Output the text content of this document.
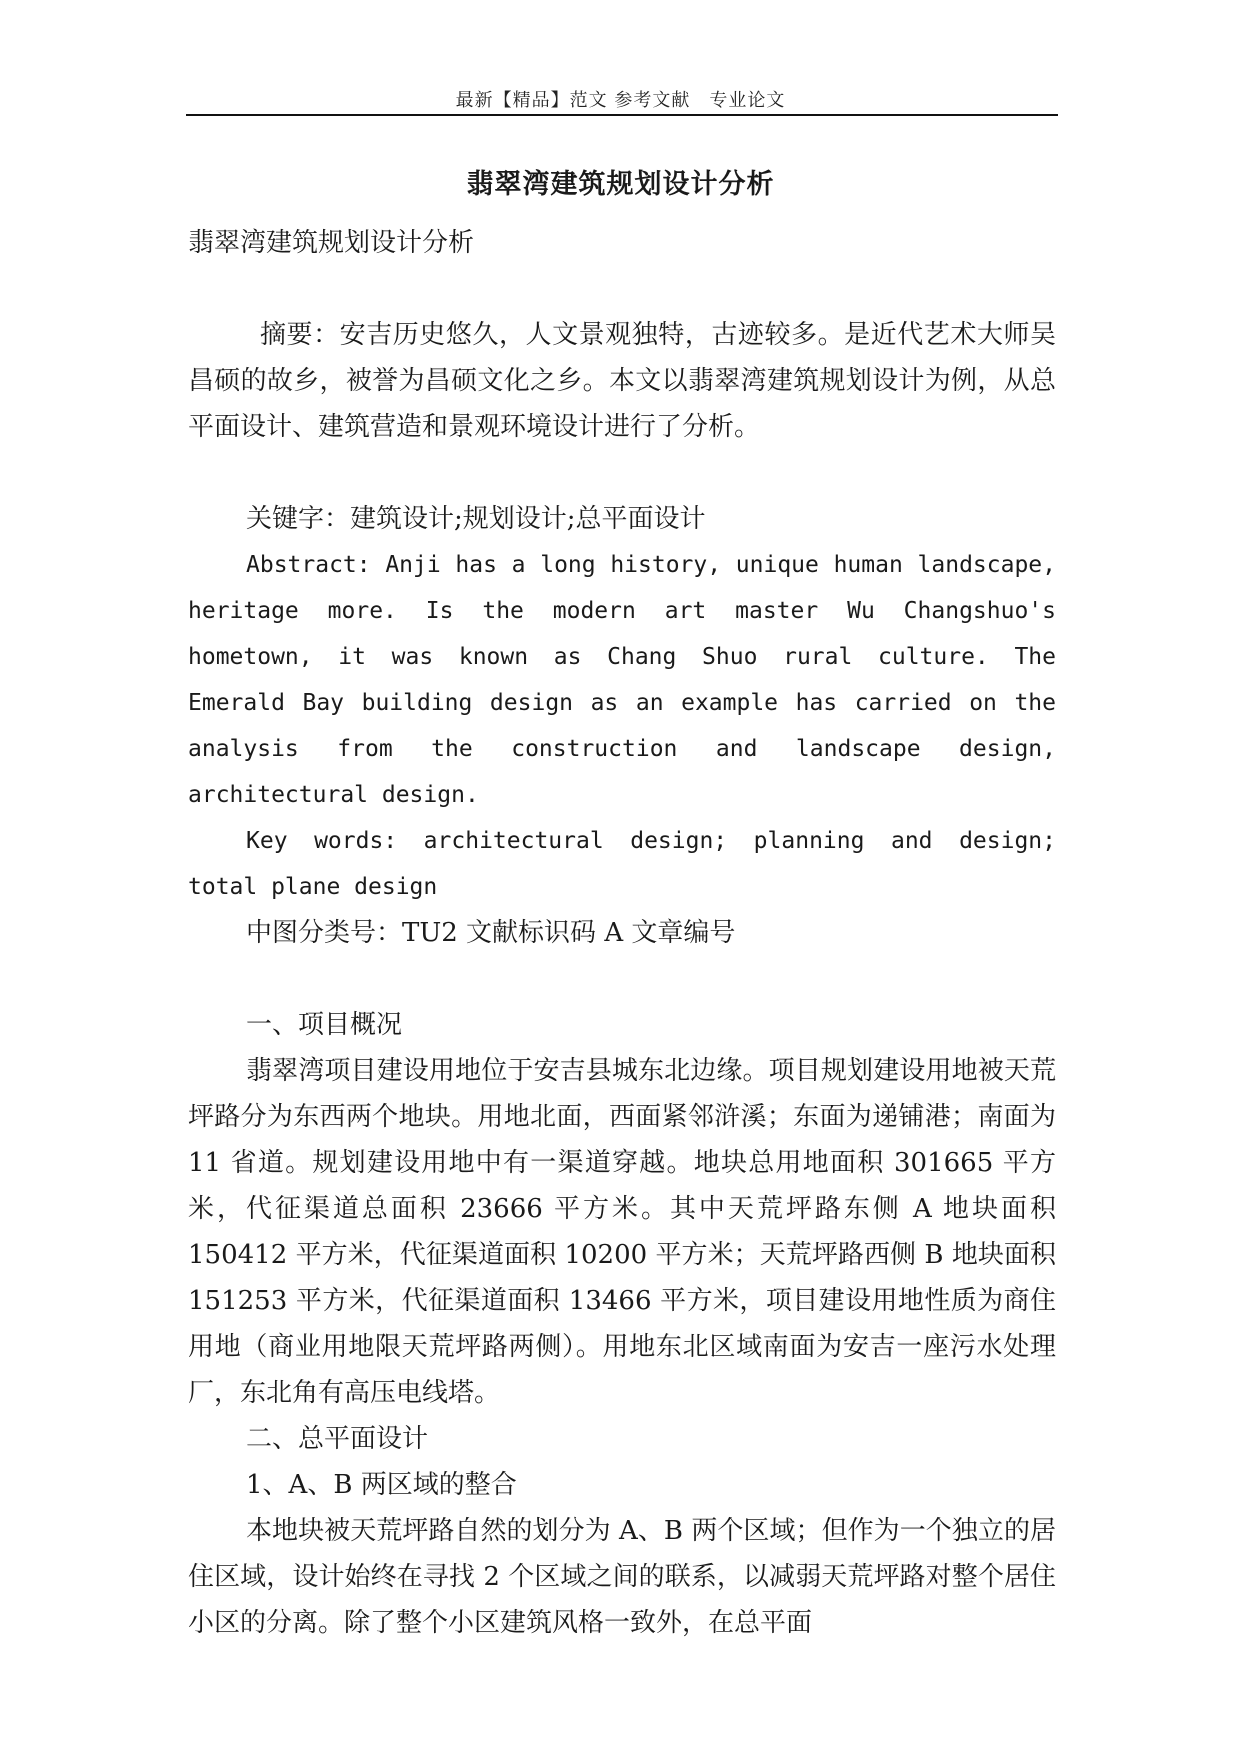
最新【精品】范文 参考文献　专业论文
翡翠湾建筑规划设计分析

翡翠湾建筑规划设计分析

摘要：安吉历史悠久，人文景观独特，古迹较多。是近代艺术大师吴昌硕的故乡，被誉为昌硕文化之乡。本文以翡翠湾建筑规划设计为例，从总平面设计、建筑营造和景观环境设计进行了分析。

关键字：建筑设计;规划设计;总平面设计

Abstract: Anji has a long history, unique human landscape, heritage more. Is the modern art master Wu Changshuo's hometown, it was known as Chang Shuo rural culture. The Emerald Bay building design as an example has carried on the analysis from the construction and landscape design, architectural design.

Key words: architectural design; planning and design; total plane design

中图分类号：TU2 文献标识码 A 文章编号

一、项目概况

翡翠湾项目建设用地位于安吉县城东北边缘。项目规划建设用地被天荒坪路分为东西两个地块。用地北面，西面紧邻浒溪；东面为递铺港；南面为 11 省道。规划建设用地中有一渠道穿越。地块总用地面积 301665 平方米，代征渠道总面积 23666 平方米。其中天荒坪路东侧 A 地块面积 150412 平方米，代征渠道面积 10200 平方米；天荒坪路西侧 B 地块面积 151253 平方米，代征渠道面积 13466 平方米，项目建设用地性质为商住用地（商业用地限天荒坪路两侧）。用地东北区域南面为安吉一座污水处理厂，东北角有高压电线塔。

二、总平面设计

1、A、B 两区域的整合

本地块被天荒坪路自然的划分为 A、B 两个区域；但作为一个独立的居住区域，设计始终在寻找 2 个区域之间的联系，以减弱天荒坪路对整个居住小区的分离。除了整个小区建筑风格一致外，在总平面
